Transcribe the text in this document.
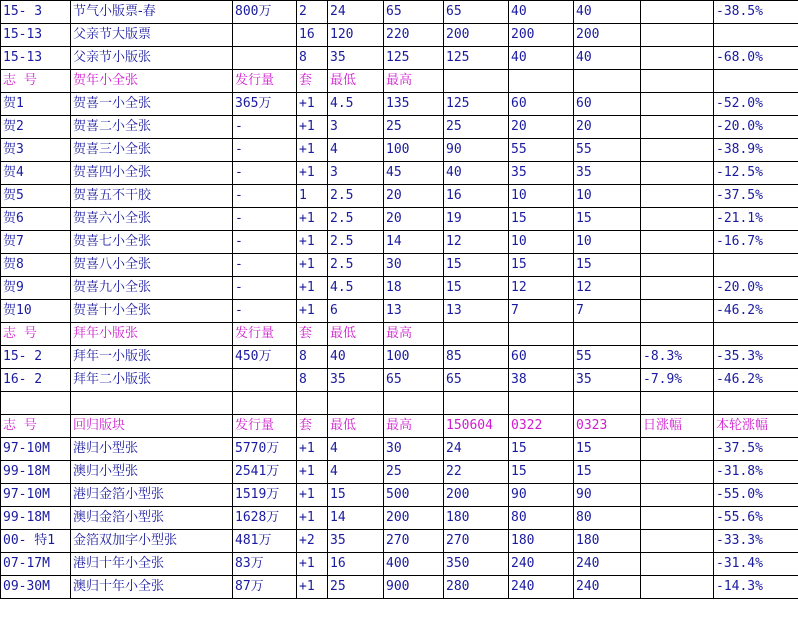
15- 3	节气小版票-春	800万	2	24	65	65	40	40		-38.5%
15-13	父亲节大版票		16	120	220	200	200	200		
15-13	父亲节小版张		8	35	125	125	40	40		-68.0%
志 号	贺年小全张	发行量	套	最低	最高					
贺1	贺喜一小全张	365万	+1	4.5	135	125	60	60		-52.0%
贺2	贺喜二小全张	-	+1	3	25	25	20	20		-20.0%
贺3	贺喜三小全张	-	+1	4	100	90	55	55		-38.9%
贺4	贺喜四小全张	-	+1	3	45	40	35	35		-12.5%
贺5	贺喜五不干胶	-	1	2.5	20	16	10	10		-37.5%
贺6	贺喜六小全张	-	+1	2.5	20	19	15	15		-21.1%
贺7	贺喜七小全张	-	+1	2.5	14	12	10	10		-16.7%
贺8	贺喜八小全张	-	+1	2.5	30	15	15	15		
贺9	贺喜九小全张	-	+1	4.5	18	15	12	12		-20.0%
贺10	贺喜十小全张	-	+1	6	13	13	7	7		-46.2%
志 号	拜年小版张	发行量	套	最低	最高					
15- 2	拜年一小版张	450万	8	40	100	85	60	55	-8.3%	-35.3%
16- 2	拜年二小版张		8	35	65	65	38	35	-7.9%	-46.2%

志 号	回归版块	发行量	套	最低	最高	150604	0322	0323	日涨幅	本轮涨幅
97-10M	港归小型张	5770万	+1	4	30	24	15	15		-37.5%
99-18M	澳归小型张	2541万	+1	4	25	22	15	15		-31.8%
97-10M	港归金箔小型张	1519万	+1	15	500	200	90	90		-55.0%
99-18M	澳归金箔小型张	1628万	+1	14	200	180	80	80		-55.6%
00- 特1	金箔双加字小型张	481万	+2	35	270	270	180	180		-33.3%
07-17M	港归十年小全张	83万	+1	16	400	350	240	240		-31.4%
09-30M	澳归十年小全张	87万	+1	25	900	280	240	240		-14.3%
